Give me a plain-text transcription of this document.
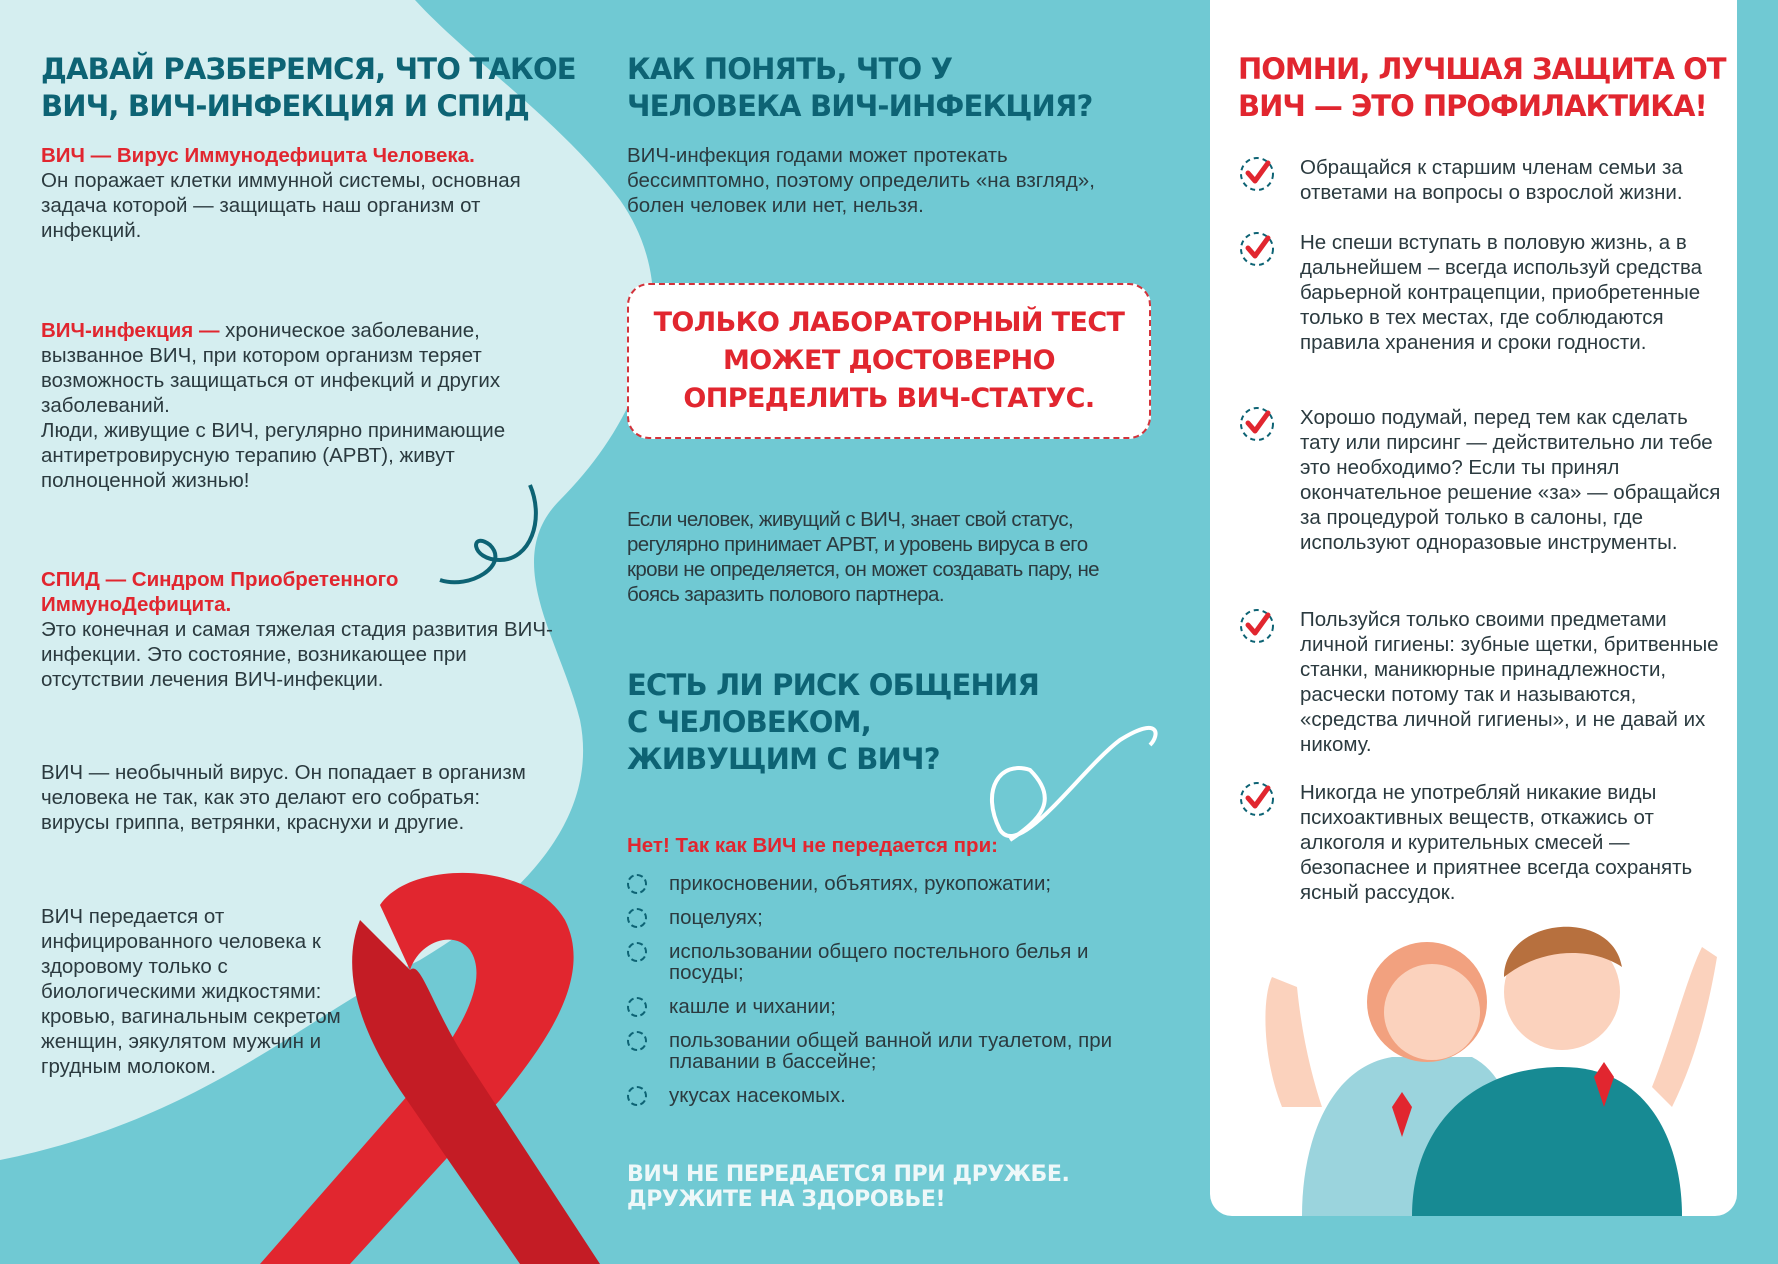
ДАВАЙ РАЗБЕРЕМСЯ, ЧТО ТАКОЕ ВИЧ, ВИЧ-ИНФЕКЦИЯ И СПИД
ВИЧ — Вирус Иммунодефицита Человека.
Он поражает клетки иммунной системы, основная задача которой — защищать наш организм от инфекций.
ВИЧ-инфекция — хроническое заболевание, вызванное ВИЧ, при котором организм теряет возможность защищаться от инфекций и других заболеваний.
Люди, живущие с ВИЧ, регулярно принимающие антиретровирусную терапию (АРВТ), живут полноценной жизнью!
СПИД — Синдром Приобретенного ИммуноДефицита.
Это конечная и самая тяжелая стадия развития ВИЧ-инфекции. Это состояние, возникающее при отсутствии лечения ВИЧ-инфекции.
ВИЧ — необычный вирус. Он попадает в организм человека не так, как это делают его собратья: вирусы гриппа, ветрянки, краснухи и другие.
ВИЧ передается от инфицированного человека к здоровому только с биологическими жидкостями: кровью, вагинальным секретом женщин, эякулятом мужчин и грудным молоком.
КАК ПОНЯТЬ, ЧТО У ЧЕЛОВЕКА ВИЧ-ИНФЕКЦИЯ?
ВИЧ-инфекция годами может протекать бессимптомно, поэтому определить «на взгляд», болен человек или нет, нельзя.
ТОЛЬКО ЛАБОРАТОРНЫЙ ТЕСТ МОЖЕТ ДОСТОВЕРНО ОПРЕДЕЛИТЬ ВИЧ-СТАТУС.
Если человек, живущий с ВИЧ, знает свой статус, регулярно принимает АРВТ, и уровень вируса в его крови не определяется, он может создавать пару, не боясь заразить полового партнера.
ЕСТЬ ЛИ РИСК ОБЩЕНИЯ С ЧЕЛОВЕКОМ, ЖИВУЩИМ С ВИЧ?
Нет! Так как ВИЧ не передается при:
прикосновении, объятиях, рукопожатии;
поцелуях;
использовании общего постельного белья и посуды;
кашле и чихании;
пользовании общей ванной или туалетом, при плавании в бассейне;
укусах насекомых.
ВИЧ НЕ ПЕРЕДАЕТСЯ ПРИ ДРУЖБЕ. ДРУЖИТЕ НА ЗДОРОВЬЕ!
ПОМНИ, ЛУЧШАЯ ЗАЩИТА ОТ ВИЧ — ЭТО ПРОФИЛАКТИКА!
Обращайся к старшим членам семьи за ответами на вопросы о взрослой жизни.
Не спеши вступать в половую жизнь, а в дальнейшем – всегда используй средства барьерной контрацепции, приобретенные только в тех местах, где соблюдаются правила хранения и сроки годности.
Хорошо подумай, перед тем как сделать тату или пирсинг — действительно ли тебе это необходимо? Если ты принял окончательное решение «за» — обращайся за процедурой только в салоны, где используют одноразовые инструменты.
Пользуйся только своими предметами личной гигиены: зубные щетки, бритвенные станки, маникюрные принадлежности, расчески потому так и называются, «средства личной гигиены», и не давай их никому.
Никогда не употребляй никакие виды психоактивных веществ, откажись от алкоголя и курительных смесей — безопаснее и приятнее всегда сохранять ясный рассудок.
